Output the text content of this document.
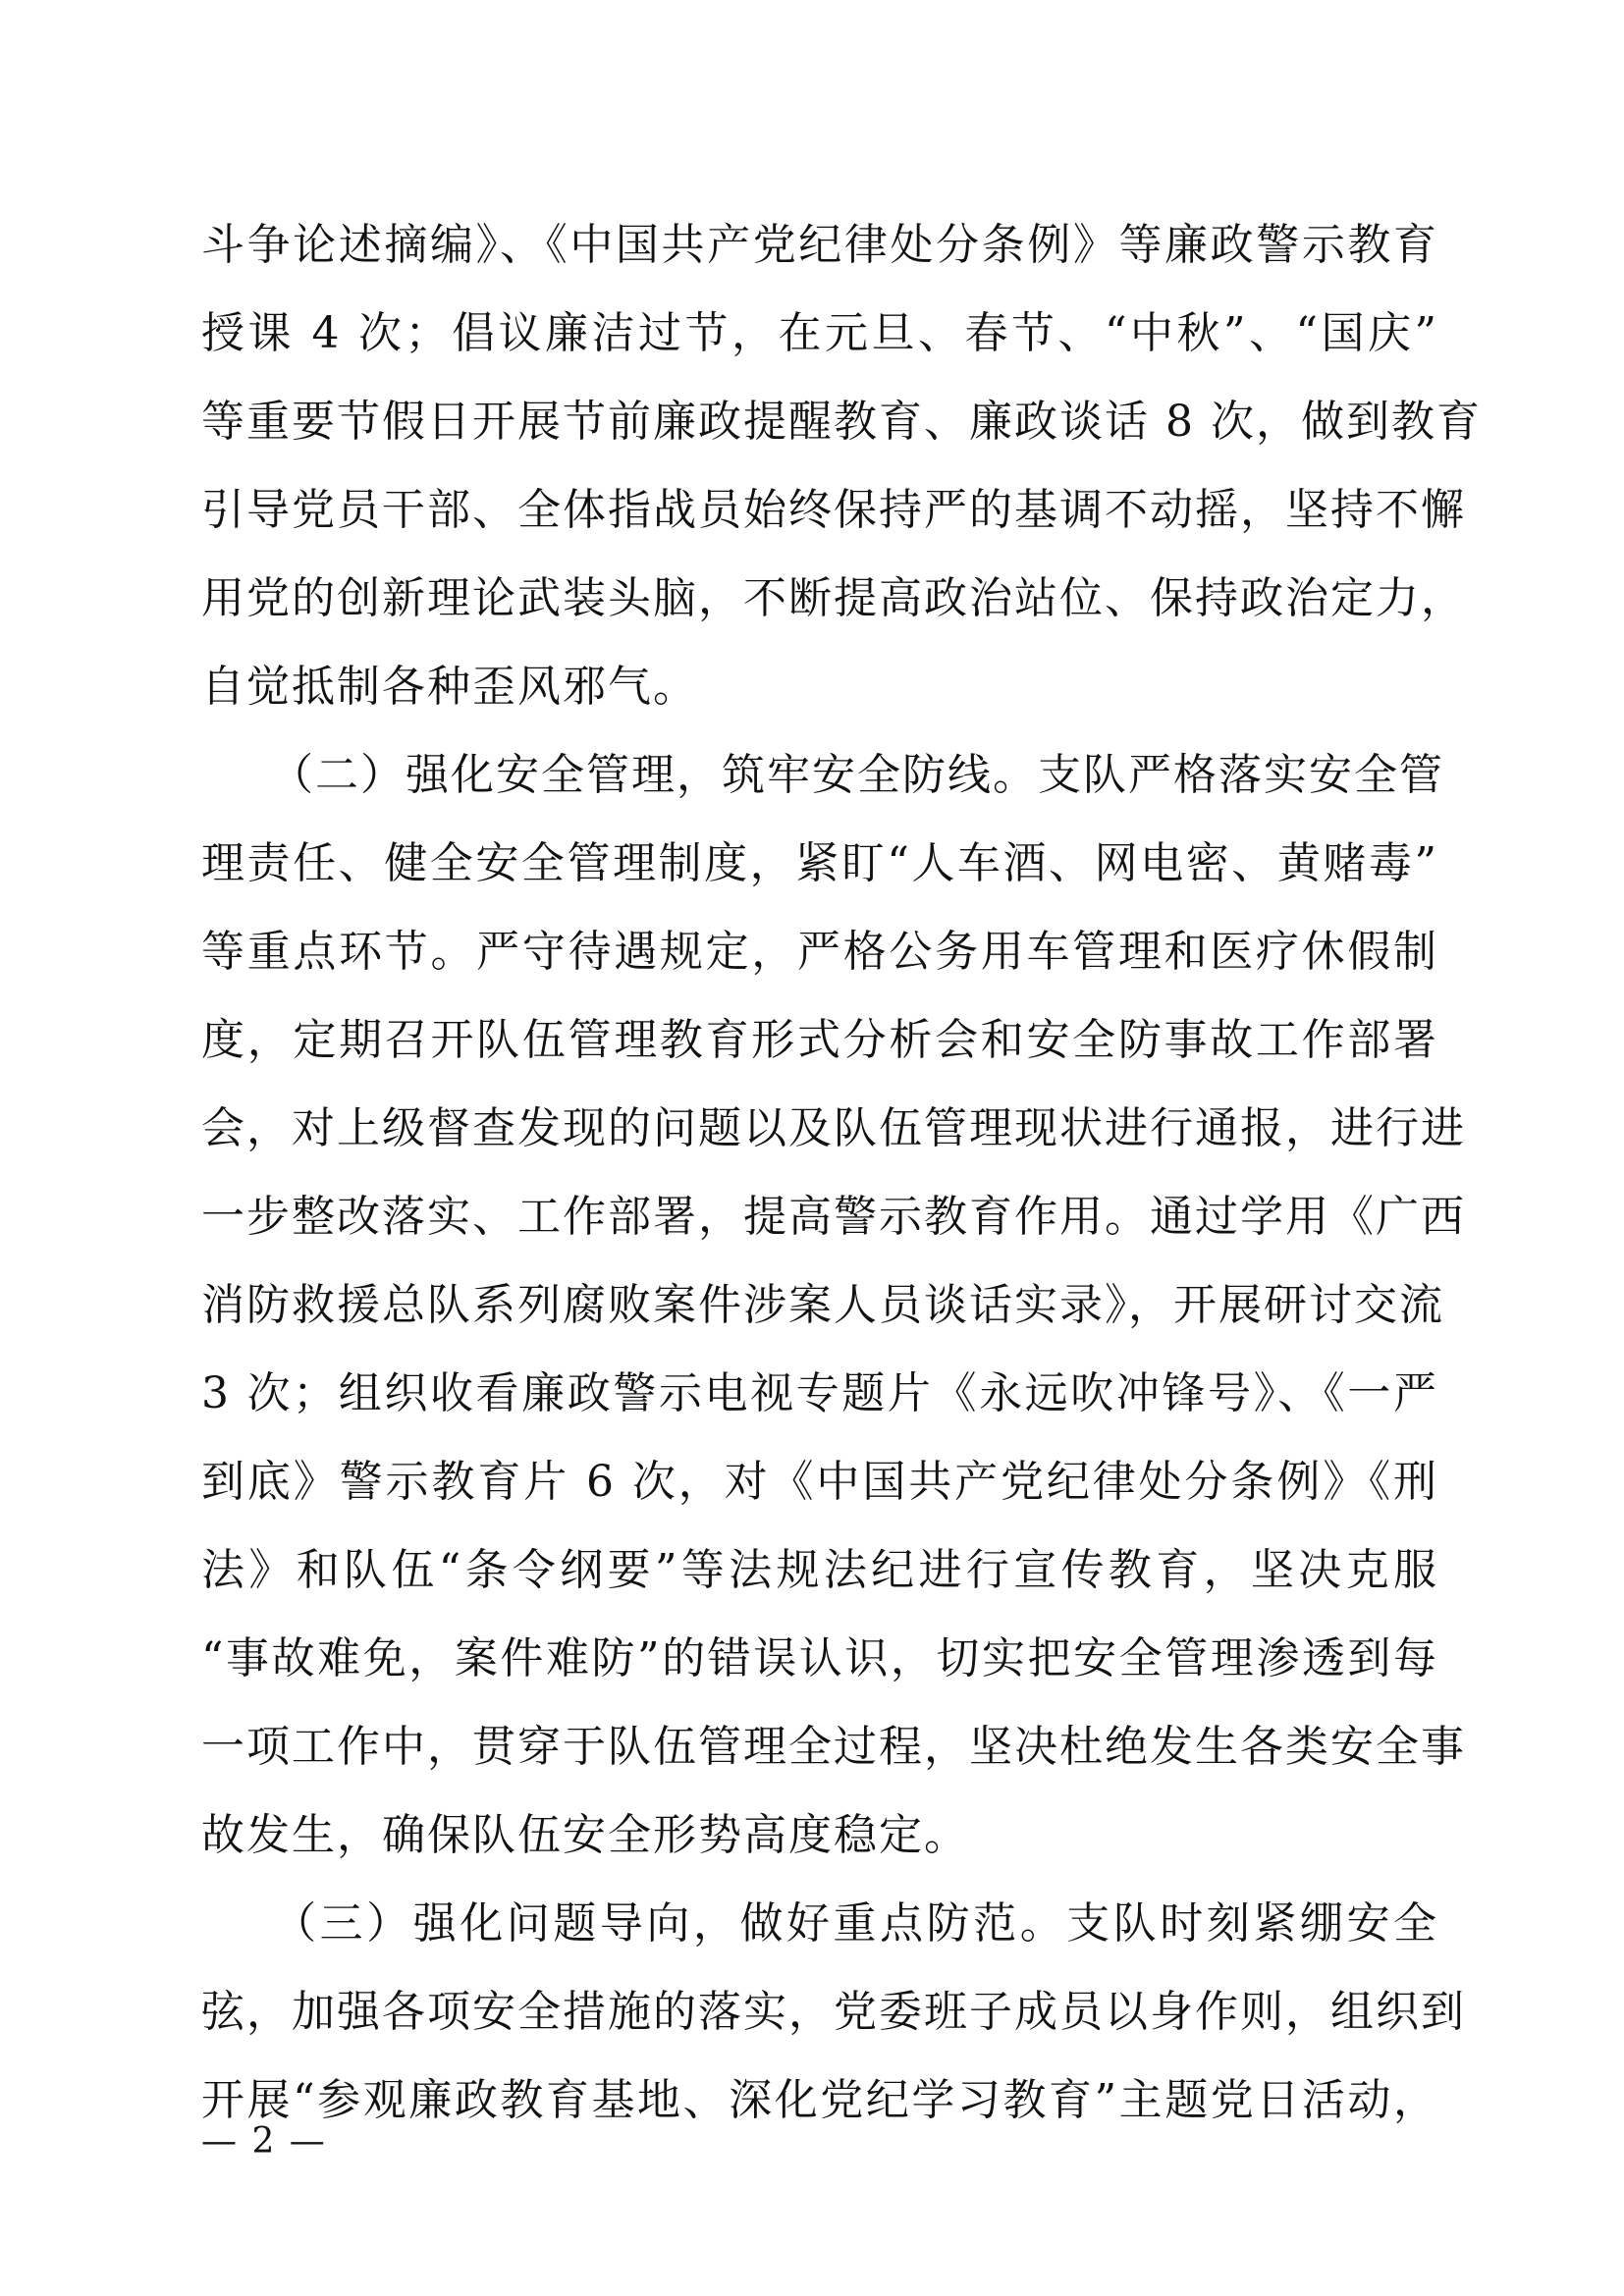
斗争论述摘编》、《中国共产党纪律处分条例》等廉政警示教育
授课 4 次；倡议廉洁过节，在元旦、春节、“中秋”、“国庆”
等重要节假日开展节前廉政提醒教育、廉政谈话 8 次，做到教育
引导党员干部、全体指战员始终保持严的基调不动摇，坚持不懈
用党的创新理论武装头脑，不断提高政治站位、保持政治定力，
自觉抵制各种歪风邪气。
　　（二）强化安全管理，筑牢安全防线。支队严格落实安全管
理责任、健全安全管理制度，紧盯“人车酒、网电密、黄赌毒”
等重点环节。严守待遇规定，严格公务用车管理和医疗休假制
度，定期召开队伍管理教育形式分析会和安全防事故工作部署
会，对上级督查发现的问题以及队伍管理现状进行通报，进行进
一步整改落实、工作部署，提高警示教育作用。通过学用《广西
消防救援总队系列腐败案件涉案人员谈话实录》，开展研讨交流
3 次；组织收看廉政警示电视专题片《永远吹冲锋号》、《一严
到底》警示教育片 6 次，对《中国共产党纪律处分条例》《刑
法》和队伍“条令纲要”等法规法纪进行宣传教育，坚决克服
“事故难免，案件难防”的错误认识，切实把安全管理渗透到每
一项工作中，贯穿于队伍管理全过程，坚决杜绝发生各类安全事
故发生，确保队伍安全形势高度稳定。
　　（三）强化问题导向，做好重点防范。支队时刻紧绷安全
弦，加强各项安全措施的落实，党委班子成员以身作则，组织到
开展“参观廉政教育基地、深化党纪学习教育”主题党日活动，
— 2 —
